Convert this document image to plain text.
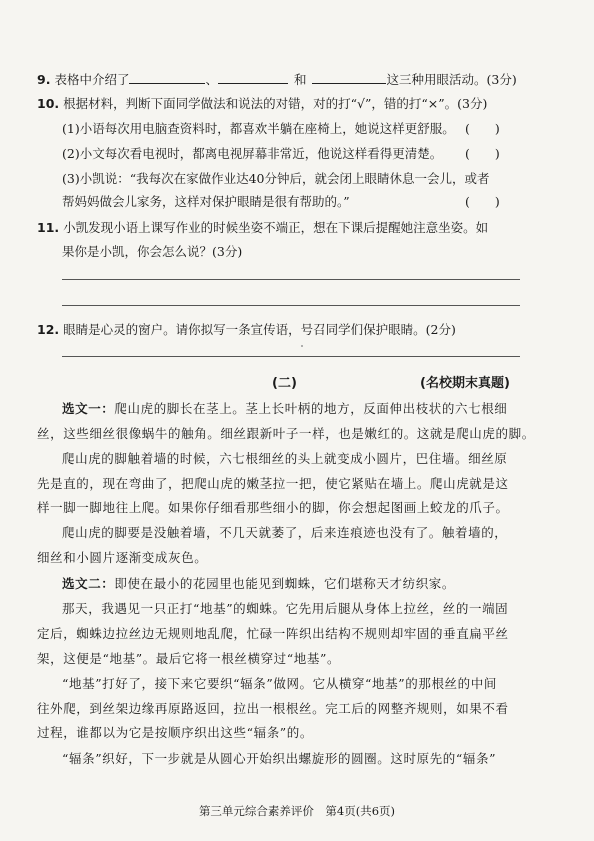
9. 表格中介绍了	、	和	这三种用眼活动。(3分)
10. 根据材料，判断下面同学做法和说法的对错，对的打“√”，错的打“×”。(3分)
(1)小语每次用电脑查资料时，都喜欢半躺在座椅上，她说这样更舒服。 (　　)
(2)小文每次看电视时，都离电视屏幕非常近，他说这样看得更清楚。 (　　)
(3)小凯说：“我每次在家做作业达40分钟后，就会闭上眼睛休息一会儿，或者
帮妈妈做会儿家务，这样对保护眼睛是很有帮助的。”	(　　)
11. 小凯发现小语上课写作业的时候坐姿不端正，想在下课后提醒她注意坐姿。如
果你是小凯，你会怎么说？(3分)
12. 眼睛是心灵的窗户。请你拟写一条宣传语，号召同学们保护眼睛。(2分)
(二)	(名校期末真题)
选文一：爬山虎的脚长在茎上。茎上长叶柄的地方，反面伸出枝状的六七根细
丝，这些细丝很像蜗牛的触角。细丝跟新叶子一样，也是嫩红的。这就是爬山虎的脚。
爬山虎的脚触着墙的时候，六七根细丝的头上就变成小圆片，巴住墙。细丝原
先是直的，现在弯曲了，把爬山虎的嫩茎拉一把，使它紧贴在墙上。爬山虎就是这
样一脚一脚地往上爬。如果你仔细看那些细小的脚，你会想起图画上蛟龙的爪子。
爬山虎的脚要是没触着墙，不几天就萎了，后来连痕迹也没有了。触着墙的，
细丝和小圆片逐渐变成灰色。
选文二：即使在最小的花园里也能见到蜘蛛，它们堪称天才纺织家。
那天，我遇见一只正打“地基”的蜘蛛。它先用后腿从身体上拉丝，丝的一端固
定后，蜘蛛边拉丝边无规则地乱爬，忙碌一阵织出结构不规则却牢固的垂直扁平丝
架，这便是“地基”。最后它将一根丝横穿过“地基”。
“地基”打好了，接下来它要织“辐条”做网。它从横穿“地基”的那根丝的中间
往外爬，到丝架边缘再原路返回，拉出一根根丝。完工后的网整齐规则，如果不看
过程，谁都以为它是按顺序织出这些“辐条”的。
“辐条”织好，下一步就是从圆心开始织出螺旋形的圆圈。这时原先的“辐条”
第三单元综合素养评价　第4页(共6页)
